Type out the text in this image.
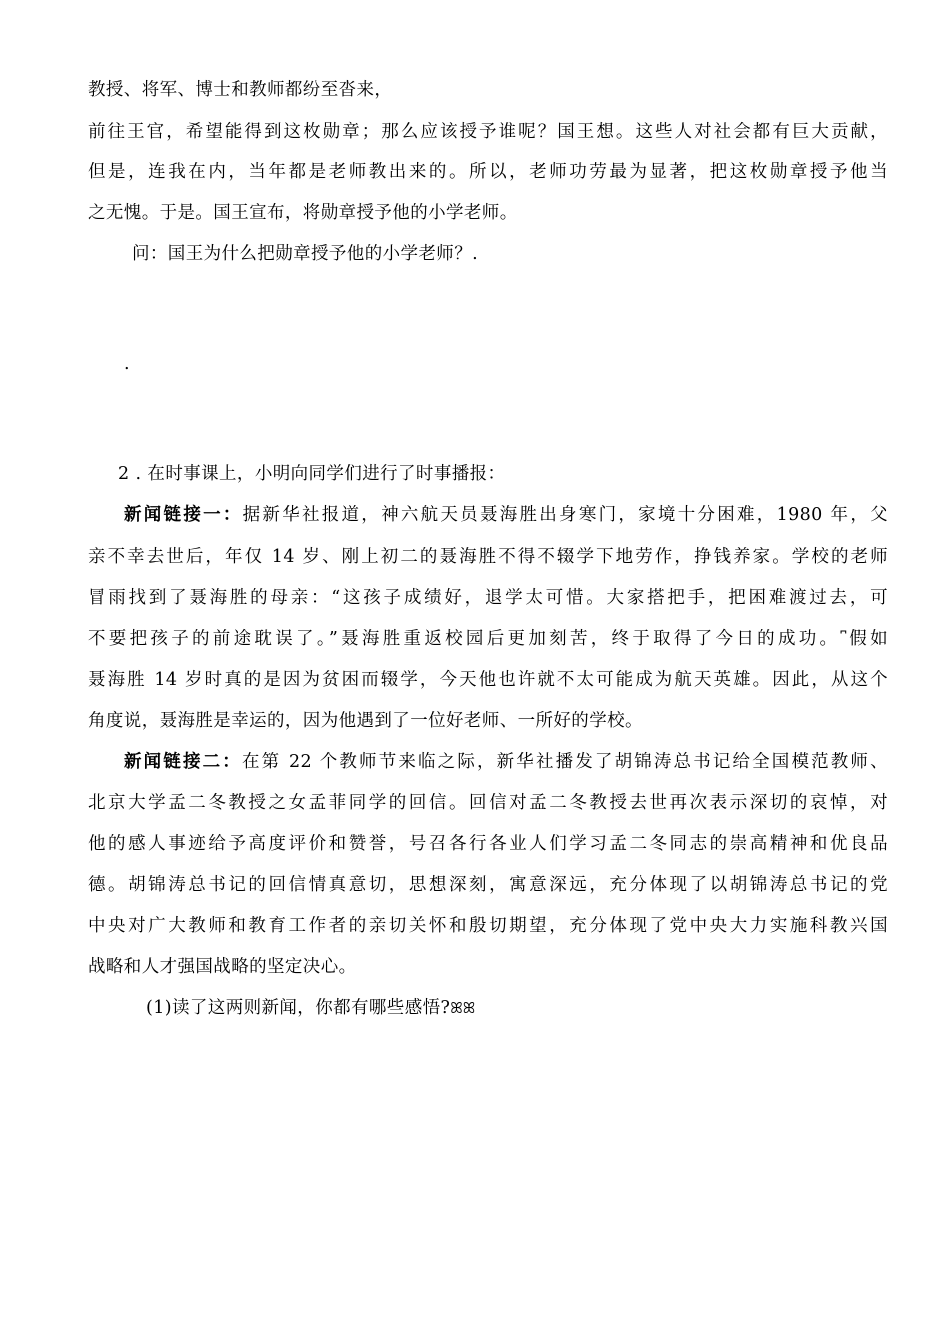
教授、将军、博士和教师都纷至沓来，
前往王官，希望能得到这枚勋章；那么应该授予谁呢？国王想。这些人对社会都有巨大贡献，
但是，连我在内，当年都是老师教出来的。所以，老师功劳最为显著，把这枚勋章授予他当
之无愧。于是。国王宣布，将勋章授予他的小学老师。
问：国王为什么把勋章授予他的小学老师？.
.
2 . 在时事课上，小明向同学们进行了时事播报：
新闻链接一：据新华社报道，神六航天员聂海胜出身寒门，家境十分困难，1980 年，父
亲不幸去世后，年仅 14 岁、刚上初二的聂海胜不得不辍学下地劳作，挣钱养家。学校的老师
冒雨找到了聂海胜的母亲：“这孩子成绩好，退学太可惜。大家搭把手，把困难渡过去，可
不要把孩子的前途耽误了。”聂海胜重返校园后更加刻苦，终于取得了今日的成功。⎴假如
聂海胜 14 岁时真的是因为贫困而辍学，今天他也许就不太可能成为航天英雄。因此，从这个
角度说，聂海胜是幸运的，因为他遇到了一位好老师、一所好的学校。
新闻链接二：在第 22 个教师节来临之际，新华社播发了胡锦涛总书记给全国模范教师、
北京大学孟二冬教授之女孟菲同学的回信。回信对孟二冬教授去世再次表示深切的哀悼，对
他的感人事迹给予高度评价和赞誉，号召各行各业人们学习孟二冬同志的崇高精神和优良品
德。胡锦涛总书记的回信情真意切，思想深刻，寓意深远，充分体现了以胡锦涛总书记的党
中央对广大教师和教育工作者的亲切关怀和殷切期望，充分体现了党中央大力实施科教兴国
战略和人才强国战略的坚定决心。
(1)读了这两则新闻，你都有哪些感悟?ꕤꕤ
